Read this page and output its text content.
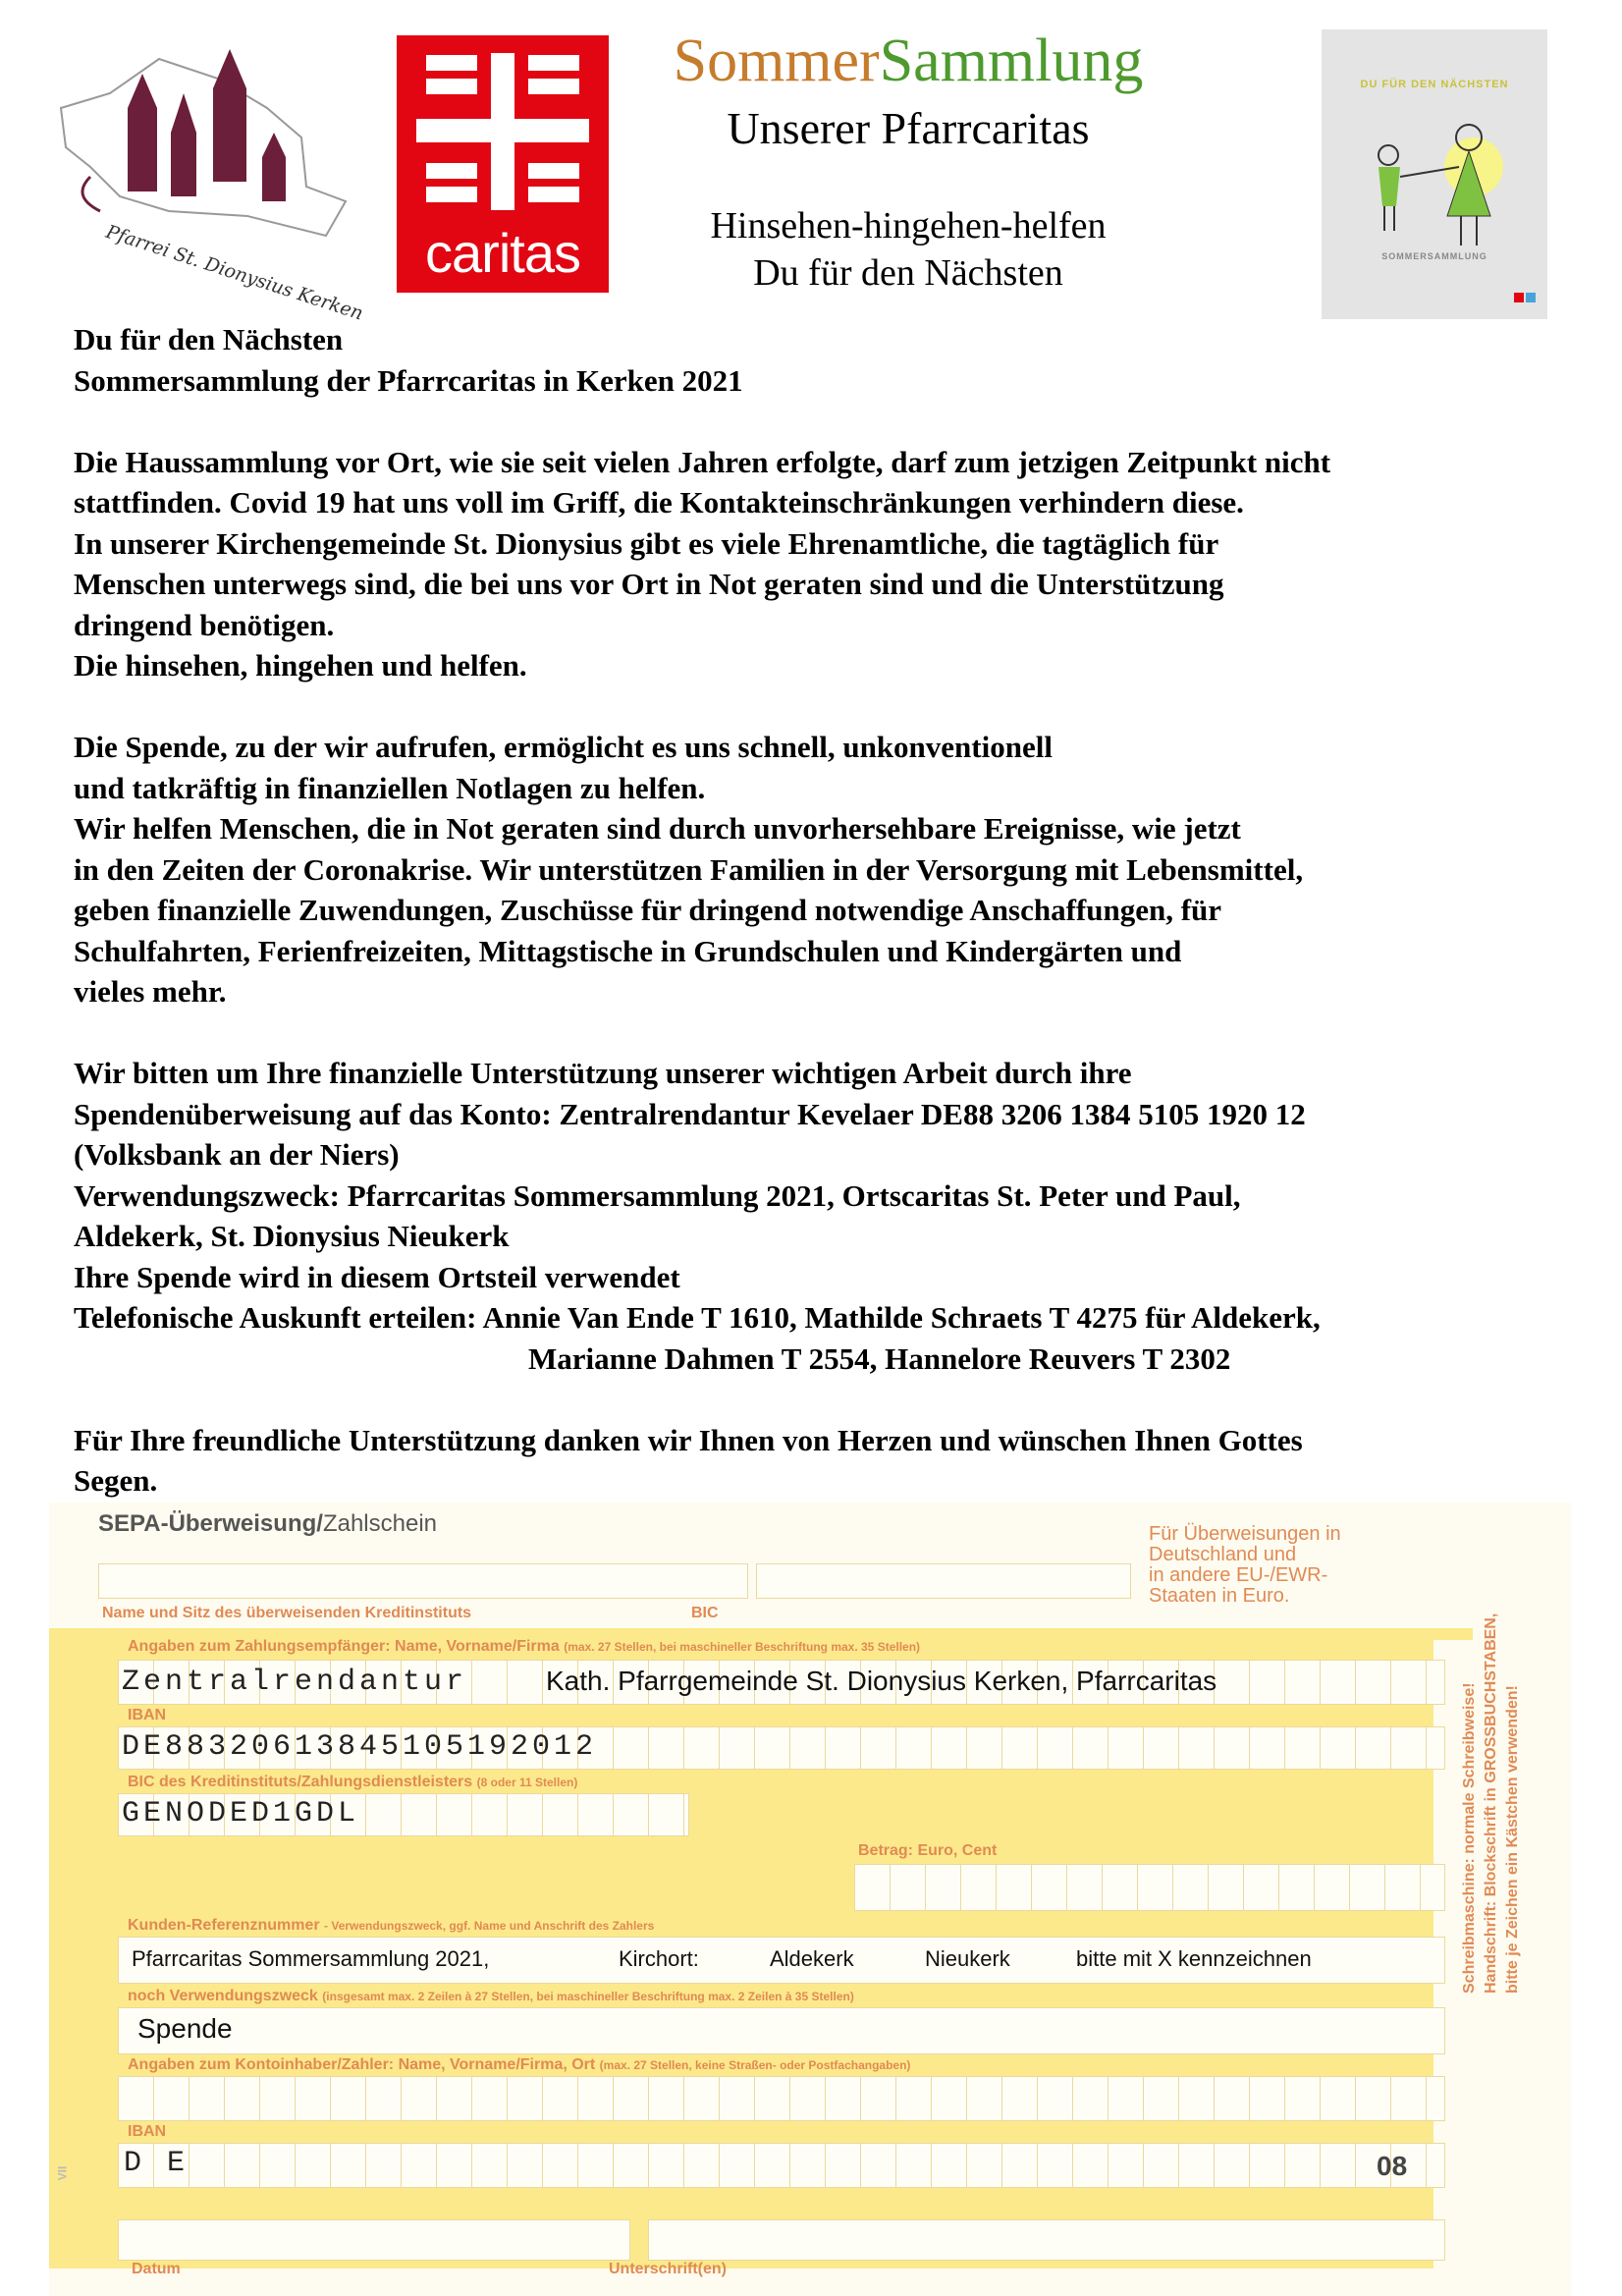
Pfarrei St. Dionysius Kerken	caritas
SommerSammlung
Unserer Pfarrcaritas
Hinsehen-hingehen-helfen
Du für den Nächsten
DU FÜR DEN NÄCHSTEN
SOMMERSAMMLUNG

Du für den Nächsten

Sommersammlung der Pfarrcaritas in Kerken 2021

Die Haussammlung vor Ort, wie sie seit vielen Jahren erfolgte, darf zum jetzigen Zeitpunkt nicht

stattfinden. Covid 19 hat uns voll im Griff, die Kontakteinschränkungen verhindern diese.

In unserer Kirchengemeinde St. Dionysius gibt es viele Ehrenamtliche, die tagtäglich für

Menschen unterwegs sind, die bei uns vor Ort in Not geraten sind und die Unterstützung

dringend benötigen.

Die hinsehen, hingehen und helfen.

Die Spende, zu der wir aufrufen, ermöglicht es uns schnell, unkonventionell

und tatkräftig in finanziellen Notlagen zu helfen.

Wir helfen Menschen, die in Not geraten sind durch unvorhersehbare Ereignisse, wie jetzt

in den Zeiten der Coronakrise. Wir unterstützen Familien in der Versorgung mit Lebensmittel,

geben finanzielle Zuwendungen, Zuschüsse für dringend notwendige Anschaffungen, für

Schulfahrten, Ferienfreizeiten, Mittagstische in Grundschulen und Kindergärten und

vieles mehr.

Wir bitten um Ihre finanzielle Unterstützung unserer wichtigen Arbeit durch ihre

Spendenüberweisung auf das Konto: Zentralrendantur Kevelaer DE88 3206 1384 5105 1920 12

(Volksbank an der Niers)

Verwendungszweck: Pfarrcaritas Sommersammlung 2021, Ortscaritas St. Peter und Paul,

Aldekerk, St. Dionysius Nieukerk

Ihre Spende wird in diesem Ortsteil verwendet

Telefonische Auskunft erteilen: Annie Van Ende T 1610, Mathilde Schraets T 4275 für Aldekerk,

Marianne Dahmen T 2554, Hannelore Reuvers T 2302

Für Ihre freundliche Unterstützung danken wir Ihnen von Herzen und wünschen Ihnen Gottes

Segen.

SEPA-Überweisung/Zahlschein	Für Überweisungen in
Deutschland und
in andere EU-/EWR-
Staaten in Euro.
Name und Sitz des überweisenden Kreditinstituts	BIC
Angaben zum Zahlungsempfänger: Name, Vorname/Firma (max. 27 Stellen, bei maschineller Beschriftung max. 35 Stellen)
Zentralrendantur	Kath. Pfarrgemeinde St. Dionysius Kerken, Pfarrcaritas
IBAN
DE88320613845105192012
BIC des Kreditinstituts/Zahlungsdienstleisters (8 oder 11 Stellen)
GENODED1GDL
Betrag: Euro, Cent
Kunden-Referenznummer - Verwendungszweck, ggf. Name und Anschrift des Zahlers
Pfarrcaritas Sommersammlung 2021,	Kirchort:	Aldekerk	Nieukerk	bitte mit X kennzeichnen
noch Verwendungszweck (insgesamt max. 2 Zeilen à 27 Stellen, bei maschineller Beschriftung max. 2 Zeilen à 35 Stellen)
Spende
Angaben zum Kontoinhaber/Zahler: Name, Vorname/Firma, Ort (max. 27 Stellen, keine Straßen- oder Postfachangaben)
IBAN
D E	08
VII
Datum	Unterschrift(en)
Schreibmaschine: normale Schreibweise! Handschrift: Blockschrift in GROSSBUCHSTABEN, bitte je Zeichen ein Kästchen verwenden!
